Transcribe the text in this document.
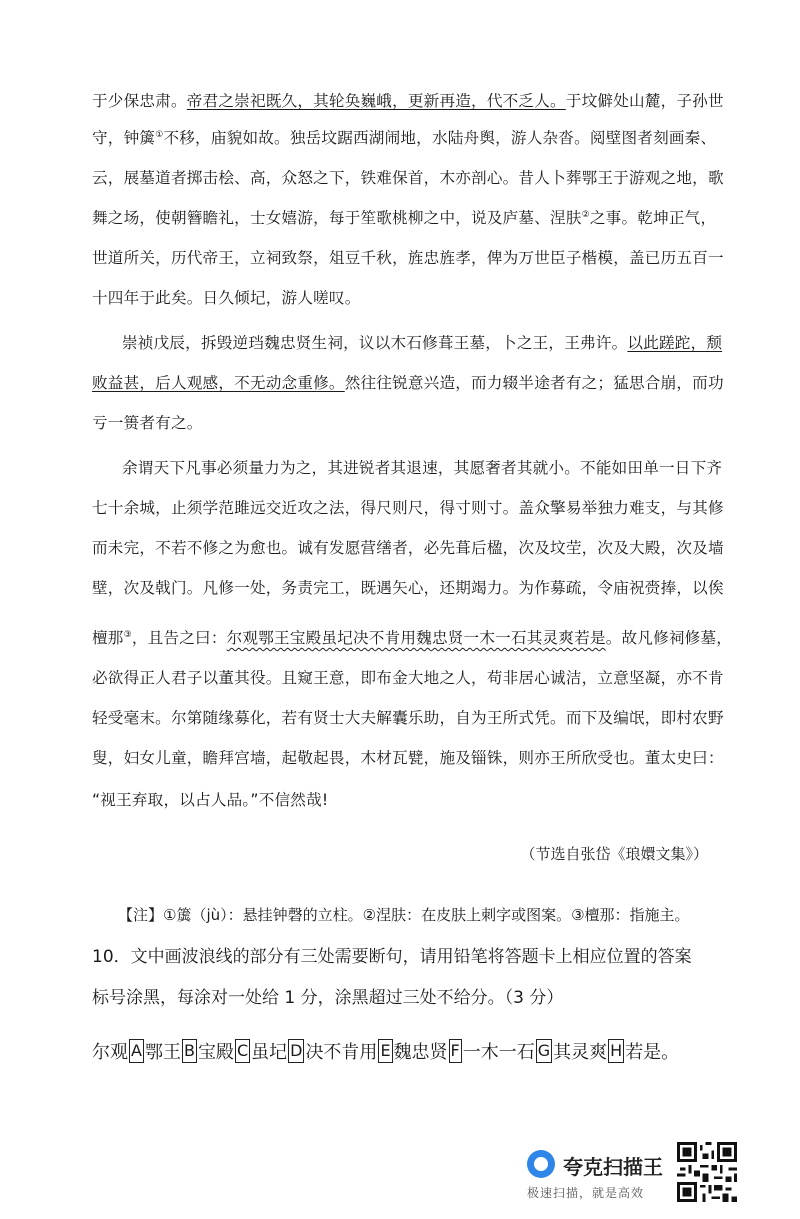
于少保忠肃。帝君之崇祀既久，其轮奂巍峨，更新再造，代不乏人。于坟僻处山麓，子孙世
守，钟簴①不移，庙貌如故。独岳坟踞西湖闹地，水陆舟舆，游人杂沓。阅壁图者刻画秦、
云，展墓道者掷击桧、高，众怒之下，铁难保首，木亦剖心。昔人卜葬鄂王于游观之地，歌
舞之场，使朝簪瞻礼，士女嬉游，每于笙歌桃柳之中，说及庐墓、涅肤②之事。乾坤正气，
世道所关，历代帝王，立祠致祭，俎豆千秋，旌忠旌孝，俾为万世臣子楷模，盖已历五百一
十四年于此矣。日久倾圮，游人嗟叹。
崇祯戊辰，拆毁逆珰魏忠贤生祠，议以木石修葺王墓，卜之王，王弗许。以此蹉跎，颓
败益甚，后人观感，不无动念重修。然往往锐意兴造，而力辍半途者有之；猛思合崩，而功
亏一篑者有之。
余谓天下凡事必须量力为之，其进锐者其退速，其愿奢者其就小。不能如田单一日下齐
七十余城，止须学范雎远交近攻之法，得尺则尺，得寸则寸。盖众擎易举独力难支，与其修
而未完，不若不修之为愈也。诚有发愿营缮者，必先葺后楹，次及坟茔，次及大殿，次及墙
壁，次及戟门。凡修一处，务责完工，既遇矢心，还期竭力。为作募疏，令庙祝赍捧，以俟
檀那③，且告之曰：尔观鄂王宝殿虽圮决不肯用魏忠贤一木一石其灵爽若是。故凡修祠修墓，
必欲得正人君子以董其役。且窥王意，即布金大地之人，苟非居心诚洁，立意坚凝，亦不肯
轻受毫末。尔第随缘募化，若有贤士大夫解囊乐助，自为王所式凭。而下及编氓，即村农野
叟，妇女儿童，瞻拜宫墙，起敬起畏，木材瓦甓，施及锱铢，则亦王所欣受也。董太史曰：
“视王弃取，以占人品。”不信然哉!
（节选自张岱《琅嬛文集》）
【注】①簴（jù）：悬挂钟磬的立柱。②涅肤：在皮肤上刺字或图案。③檀那：指施主。
10．文中画波浪线的部分有三处需要断句，请用铅笔将答题卡上相应位置的答案
标号涂黑，每涂对一处给 1 分，涂黑超过三处不给分。（3 分）
尔观 A 鄂王 B 宝殿 C 虽圮 D 决不肯用 E 魏忠贤 F 一木一石 G 其灵爽 H 若是。
夸克扫描王
极速扫描，就是高效
